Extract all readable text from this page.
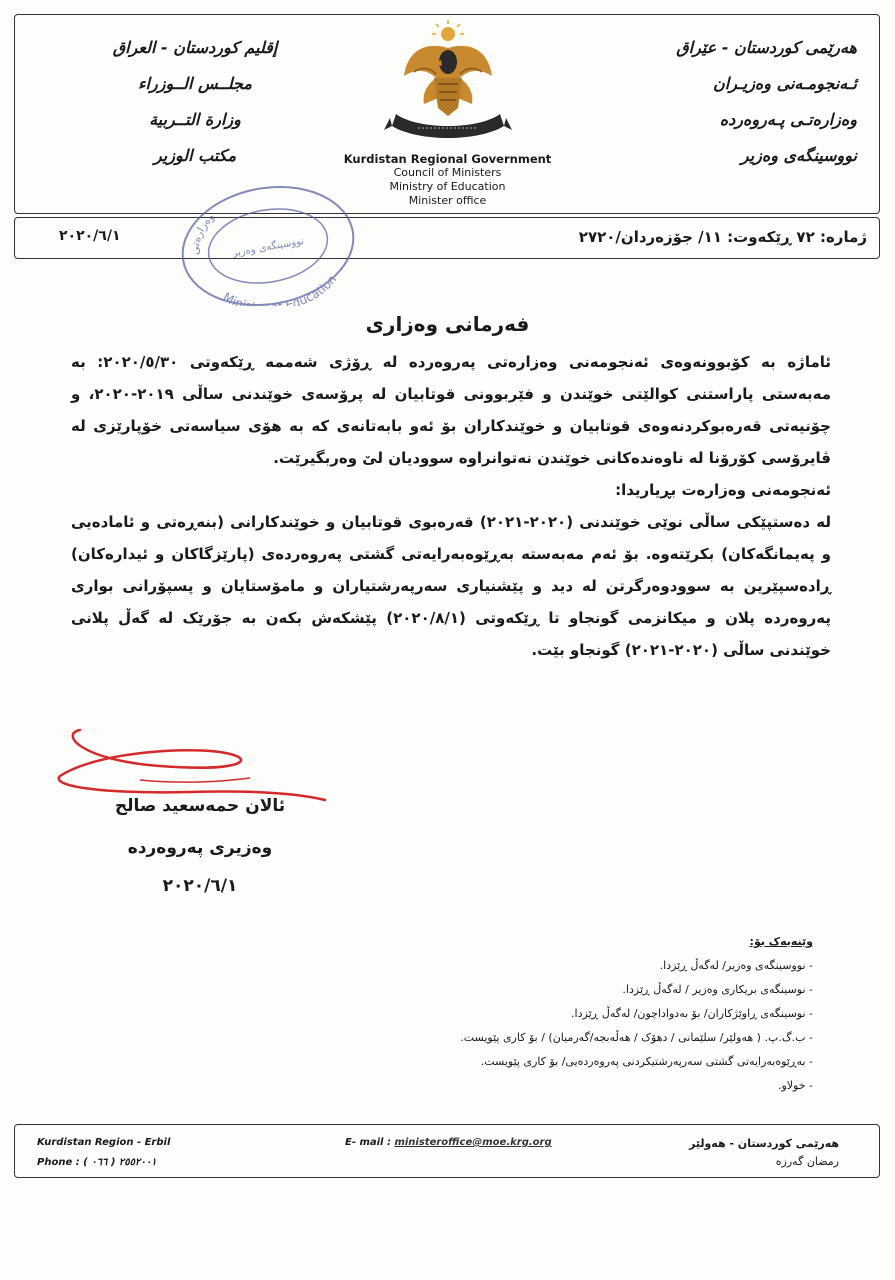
هەرێمی کوردستان - عێراق
ئـەنجومـەنی وەزیـران
وەزارەتـی پـەروەردە
نووسینگەی وەزیر
إقليم كوردستان - العراق
مجلــس الــوزراء
وزارة التــربية
مكتب الوزير	Kurdistan Regional Government
Council of Ministers
Ministry of Education
Minister office
ژمارە: ٧٢ ڕێکەوت: ١١/ جۆزەردان/٢٧٢٠
٢٠٢٠/٦/١
وەزارەتی
نووسینگەی وەزیر
Ministry Education
فەرمانی وەزاری

ئاماژە بە کۆبوونەوەی ئەنجومەنی وەزارەتی پەروەردە لە ڕۆژی شەممە ڕێکەوتی ٢٠٢٠/٥/٣٠: بە مەبەستی پاراستنی کوالێتی خوێندن و فێربوونی قوتابیان لە پرۆسەی خوێندنی ساڵی ٢٠١٩-٢٠٢٠، و چۆنیەتی قەرەبوکردنەوەی قوتابیان و خوێندکاران بۆ ئەو بابەتانەی کە بە هۆی سیاسەتی خۆپارێزی لە ڤایرۆسی کۆرۆنا لە ناوەندەکانی خوێندن نەتوانراوە سوودیان لێ وەربگیرێت.

ئەنجومەنی وەزارەت بڕیاریدا:

لە دەستپێکی ساڵی نوێی خوێندنی (٢٠٢٠-٢٠٢١) قەرەبوی قوتابیان و خوێندکارانی (بنەڕەتی و ئامادەیی و پەیمانگەکان) بکرێتەوە. بۆ ئەم مەبەستە بەڕێوەبەرایەتی گشتی پەروەردەی (پارێزگاکان و ئیدارەکان) ڕادەسپێرین بە سوودوەرگرتن لە دید و پێشنیاری سەرپەرشتیاران و مامۆستایان و پسپۆرانی بواری پەروەردە پلان و میکانزمی گونجاو تا ڕێکەوتی (٢٠٢٠/٨/١) پێشکەش بکەن بە جۆرێک لە گەڵ پلانی خوێندنی ساڵی (٢٠٢٠-٢٠٢١) گونجاو بێت.

ئالان حمەسعید صالح
وەزیری پەروەردە
٢٠٢٠/٦/١
وێنەیەک بۆ:
- نووسینگەی وەزیر/ لەگەڵ ڕێزدا.
- نوسینگەی بریکاری وەزیر / لەگەڵ ڕێزدا.
- نوسینگەی ڕاوێژکاران/ بۆ بەدواداچون/ لەگەڵ ڕێزدا.
- ب.گ.پ. ( هەولێر/ سلێمانی / دهۆک / هەڵەبجە/گەرمیان) / بۆ کاری پێویست.
- بەڕێوەبەرایەتی گشتی سەرپەرشتیکردنی پەروەردەیی/ بۆ کاری پێویست.
- خولاو.
Kurdistan Region - Erbil
Phone : ( ٠٦٦ ) ٢٥٥٢٠٠١
E- mail : ministeroffice@moe.krg.org	هەرێمی کوردستان - هەولێر
رمضان گەرزە
